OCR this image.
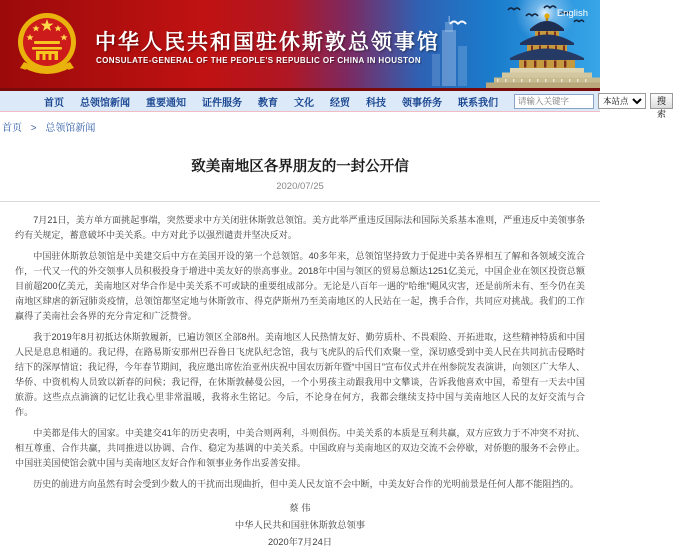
中华人民共和国驻休斯敦总领事馆
CONSULATE-GENERAL OF THE PEOPLE'S REPUBLIC OF CHINA IN HOUSTON
English
首页 总领馆新闻 重要通知 证件服务 教育 文化 经贸 科技 领事侨务 联系我们
请输入关键字
本站点	搜索
首页 > 总领馆新闻
致美南地区各界朋友的一封公开信
2020/07/25

7月21日，美方单方面挑起事端，突然要求中方关闭驻休斯敦总领馆。美方此举严重违反国际法和国际关系基本准则，严重违反中美领事条约有关规定，蓄意破坏中美关系。中方对此予以强烈谴责并坚决反对。

中国驻休斯敦总领馆是中美建交后中方在美国开设的第一个总领馆。40多年来，总领馆坚持致力于促进中美各界相互了解和各领域交流合作，一代又一代的外交领事人员积极投身于增进中美友好的崇高事业。2018年中国与领区的贸易总额达1251亿美元，中国企业在领区投资总额目前超200亿美元，美南地区对华合作是中美关系不可或缺的重要组成部分。无论是八百年一遇的“哈维”飓风灾害，还是前所未有、至今仍在美南地区肆虐的新冠肺炎疫情，总领馆都坚定地与休斯敦市、得克萨斯州乃至美南地区的人民站在一起，携手合作，共同应对挑战。我们的工作赢得了美南社会各界的充分肯定和广泛赞誉。

我于2019年8月初抵达休斯敦履新，已遍访领区全部8州。美南地区人民热情友好、勤劳质朴、不畏艰险、开拓进取，这些精神特质和中国人民是息息相通的。我记得，在路易斯安那州巴吞鲁日飞虎队纪念馆，我与飞虎队的后代们欢聚一堂，深切感受到中美人民在共同抗击侵略时结下的深厚情谊；我记得，今年春节期间，我应邀出席佐治亚州庆祝中国农历新年暨“中国日”宣布仪式并在州参院发表演讲，向领区广大华人、华侨、中资机构人员致以新春的问候；我记得，在休斯敦赫曼公园，一个小男孩主动跟我用中文攀谈，告诉我他喜欢中国，希望有一天去中国旅游。这些点点滴滴的记忆让我心里非常温暖，我将永生铭记。今后，不论身在何方，我都会继续支持中国与美南地区人民的友好交流与合作。

中美都是伟大的国家。中美建交41年的历史表明，中美合则两利，斗则俱伤。中美关系的本质是互利共赢，双方应致力于不冲突不对抗、相互尊重、合作共赢，共同推进以协调、合作、稳定为基调的中美关系。中国政府与美南地区的双边交流不会停歇，对侨胞的服务不会停止。中国驻美国使馆会就中国与美南地区友好合作和领事业务作出妥善安排。

历史的前进方向虽然有时会受到少数人的干扰而出现曲折，但中美人民友谊不会中断，中美友好合作的光明前景是任何人都不能阻挡的。

蔡 伟
中华人民共和国驻休斯敦总领事
2020年7月24日
